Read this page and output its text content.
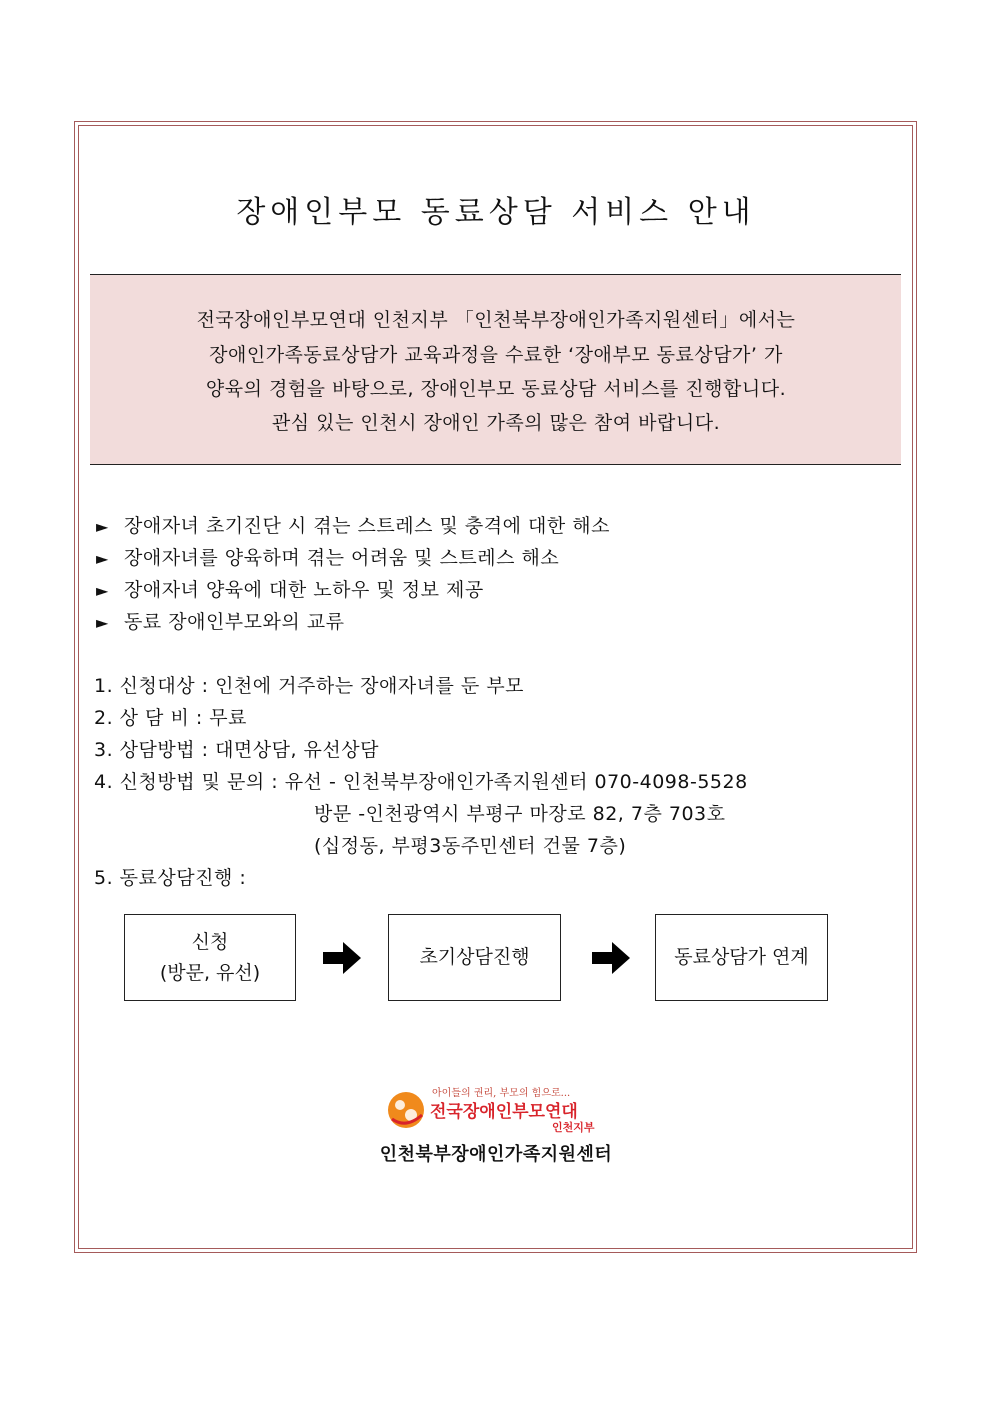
장애인부모 동료상담 서비스 안내
전국장애인부모연대 인천지부 「인천북부장애인가족지원센터」에서는
장애인가족동료상담가 교육과정을 수료한 ‘장애부모 동료상담가’ 가
양육의 경험을 바탕으로, 장애인부모 동료상담 서비스를 진행합니다.
관심 있는 인천시 장애인 가족의 많은 참여 바랍니다.
► 장애자녀 초기진단 시 겪는 스트레스 및 충격에 대한 해소
► 장애자녀를 양육하며 겪는 어려움 및 스트레스 해소
► 장애자녀 양육에 대한 노하우 및 정보 제공
► 동료 장애인부모와의 교류
1. 신청대상 : 인천에 거주하는 장애자녀를 둔 부모
2. 상 담 비 : 무료
3. 상담방법 : 대면상담, 유선상담
4. 신청방법 및 문의 : 유선 - 인천북부장애인가족지원센터 070-4098-5528
방문 -인천광역시 부평구 마장로 82, 7층 703호
(십정동, 부평3동주민센터 건물 7층)
5. 동료상담진행 :
신청
(방문, 유선)
초기상담진행	동료상담가 연계
아이들의 권리, 부모의 힘으로...
전국장애인부모연대
인천지부
인천북부장애인가족지원센터
